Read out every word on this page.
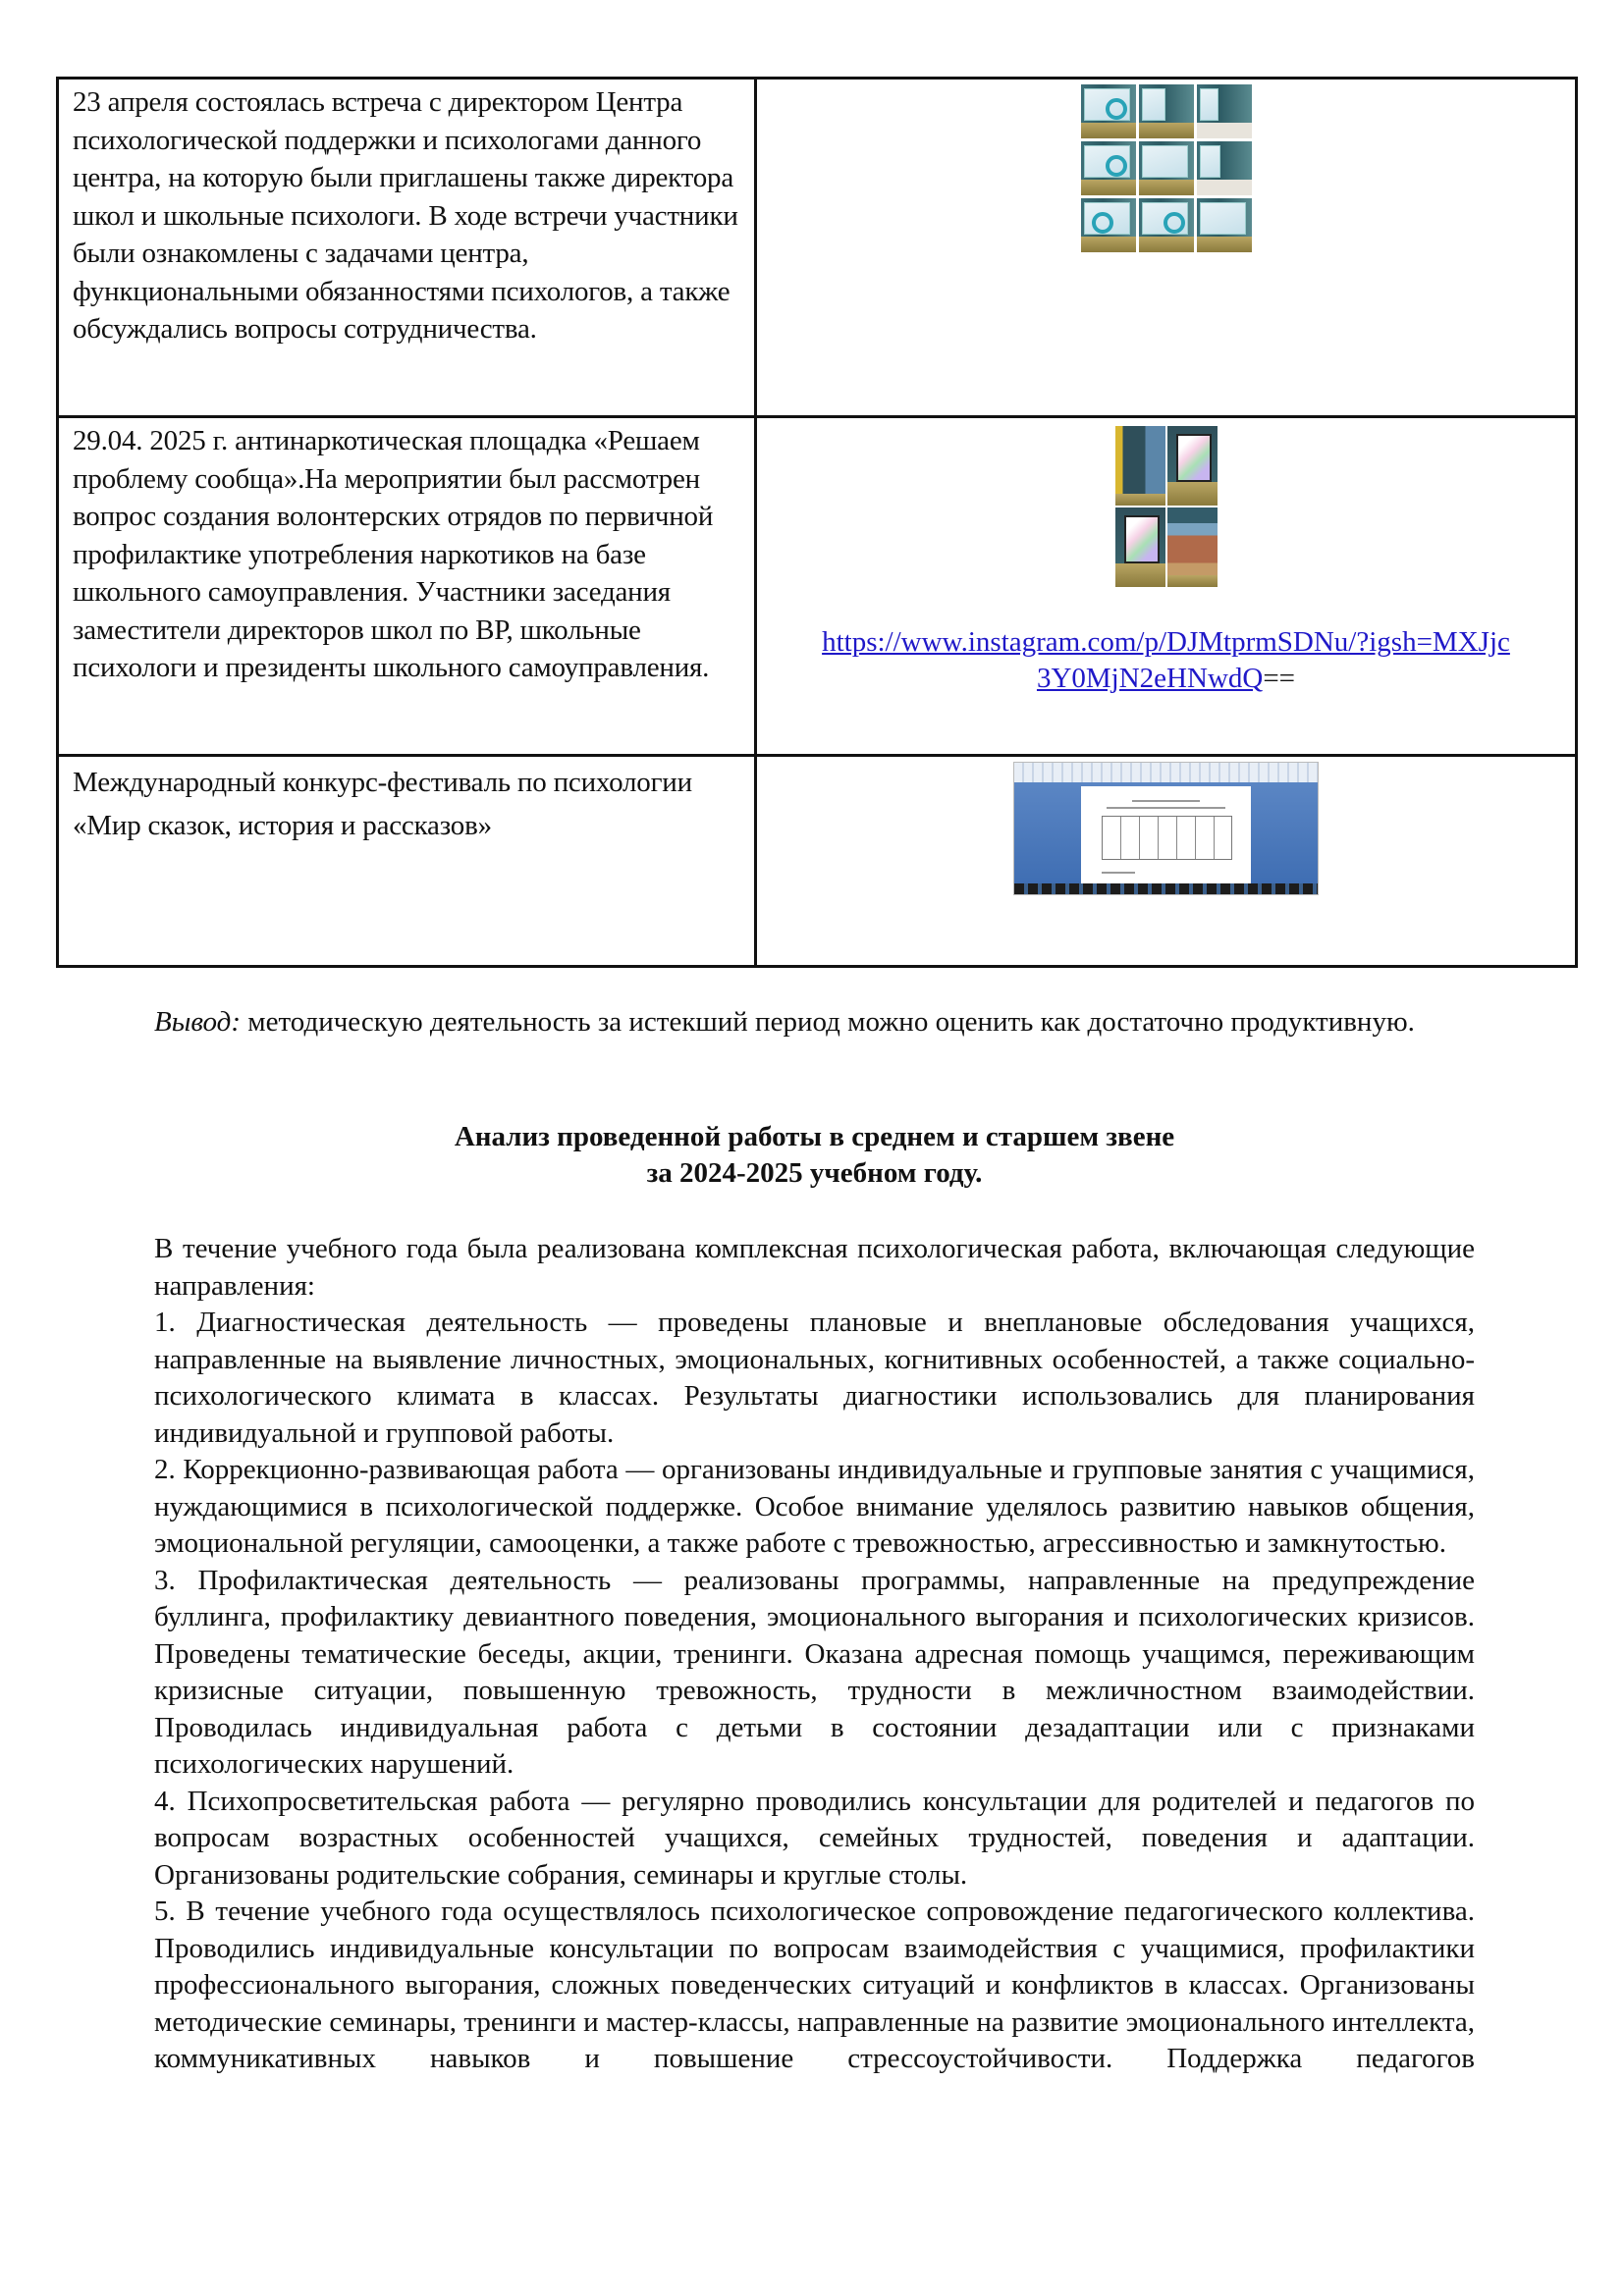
23 апреля состоялась встреча с директором Центра психологической поддержки и психологами данного центра, на которую были приглашены также директора школ и школьные психологи. В ходе встречи участники были ознакомлены с задачами центра, функциональными обязанностями психологов, а также обсуждались вопросы сотрудничества.	

29.04. 2025 г. антинаркотическая площадка «Решаем проблему сообща».На мероприятии был рассмотрен вопрос создания волонтерских отрядов по первичной профилактике употребления наркотиков на базе школьного самоуправления. Участники заседания заместители директоров школ по ВР, школьные психологи и президенты школьного самоуправления.	https://www.instagram.com/p/DJMtprmSDNu/?igsh=MXJjc
3Y0MjN2eHNwdQ==

Международный конкурс-фестиваль по психологии «Мир сказок, история и рассказов»	

Вывод: методическую деятельность за истекший период можно оценить как достаточно продуктивную.
Анализ проведенной работы в среднем и старшем звене
за 2024-2025 учебном году.

В течение учебного года была реализована комплексная психологическая работа, включающая следующие направления:

1. Диагностическая деятельность — проведены плановые и внеплановые обследования учащихся, направленные на выявление личностных, эмоциональных, когнитивных особенностей, а также социально-психологического климата в классах. Результаты диагностики использовались для планирования индивидуальной и групповой работы.

2. Коррекционно-развивающая работа — организованы индивидуальные и групповые занятия с учащимися, нуждающимися в психологической поддержке. Особое внимание уделялось развитию навыков общения, эмоциональной регуляции, самооценки, а также работе с тревожностью, агрессивностью и замкнутостью.

3. Профилактическая деятельность — реализованы программы, направленные на предупреждение буллинга, профилактику девиантного поведения, эмоционального выгорания и психологических кризисов. Проведены тематические беседы, акции, тренинги. Оказана адресная помощь учащимся, переживающим кризисные ситуации, повышенную тревожность, трудности в межличностном взаимодействии. Проводилась индивидуальная работа с детьми в состоянии дезадаптации или с признаками психологических нарушений.

4. Психопросветительская работа — регулярно проводились консультации для родителей и педагогов по вопросам возрастных особенностей учащихся, семейных трудностей, поведения и адаптации. Организованы родительские собрания, семинары и круглые столы.

5. В течение учебного года осуществлялось психологическое сопровождение педагогического коллектива. Проводились индивидуальные консультации по вопросам взаимодействия с учащимися, профилактики профессионального выгорания, сложных поведенческих ситуаций и конфликтов в классах. Организованы методические семинары, тренинги и мастер-классы, направленные на развитие эмоционального интеллекта, коммуникативных навыков и повышение стрессоустойчивости. Поддержка педагогов
